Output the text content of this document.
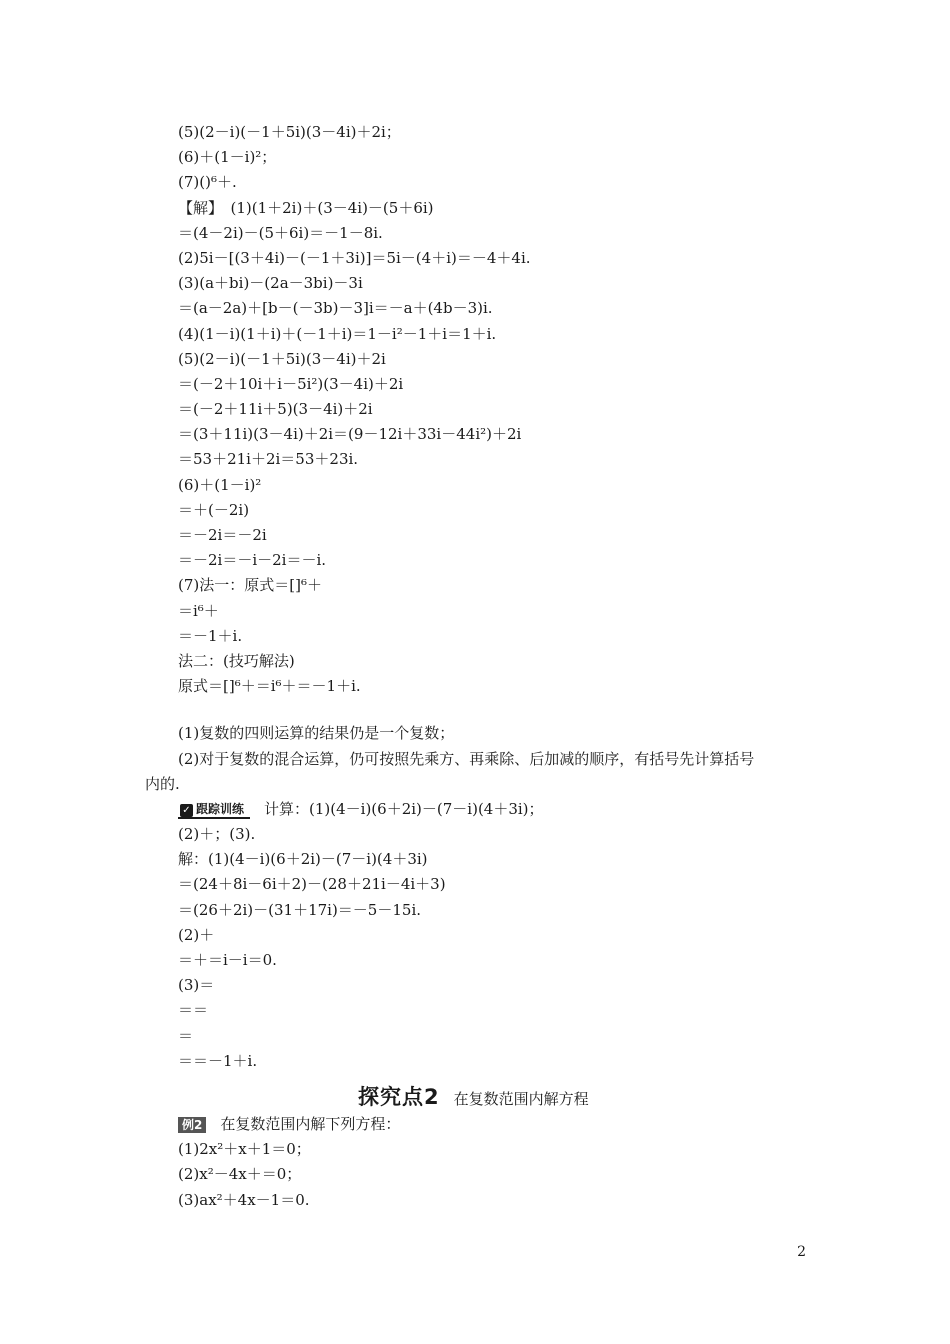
(5)(2－i)(－1＋5i)(3－4i)＋2i；
(6)＋(1－i)²；
(7)()⁶＋.
【解】　(1)(1＋2i)＋(3－4i)－(5＋6i)
＝(4－2i)－(5＋6i)＝－1－8i.
(2)5i－[(3＋4i)－(－1＋3i)]＝5i－(4＋i)＝－4＋4i.
(3)(a＋bi)－(2a－3bi)－3i
＝(a－2a)＋[b－(－3b)－3]i＝－a＋(4b－3)i.
(4)(1－i)(1＋i)＋(－1＋i)＝1－i²－1＋i＝1＋i.
(5)(2－i)(－1＋5i)(3－4i)＋2i
＝(－2＋10i＋i－5i²)(3－4i)＋2i
＝(－2＋11i＋5)(3－4i)＋2i
＝(3＋11i)(3－4i)＋2i＝(9－12i＋33i－44i²)＋2i
＝53＋21i＋2i＝53＋23i.
(6)＋(1－i)²
＝＋(－2i)
＝－2i＝－2i
＝－2i＝－i－2i＝－i.
(7)法一：原式＝[]⁶＋
＝i⁶＋
＝－1＋i.
法二：(技巧解法)
原式＝[]⁶＋＝i⁶＋＝－1＋i.
(1)复数的四则运算的结果仍是一个复数；
(2)对于复数的混合运算，仍可按照先乘方、再乘除、后加减的顺序，有括号先计算括号
内的.
✓ 跟踪训练 计算：(1)(4－i)(6＋2i)－(7－i)(4＋3i)；
(2)＋；(3).
解：(1)(4－i)(6＋2i)－(7－i)(4＋3i)
＝(24＋8i－6i＋2)－(28＋21i－4i＋3)
＝(26＋2i)－(31＋17i)＝－5－15i.
(2)＋
＝＋＝i－i＝0.
(3)＝
＝＝
＝
＝＝－1＋i.
探究点2 在复数范围内解方程
例2 在复数范围内解下列方程：
(1)2x²＋x＋1＝0；
(2)x²－4x＋＝0；
(3)ax²＋4x－1＝0.
2
